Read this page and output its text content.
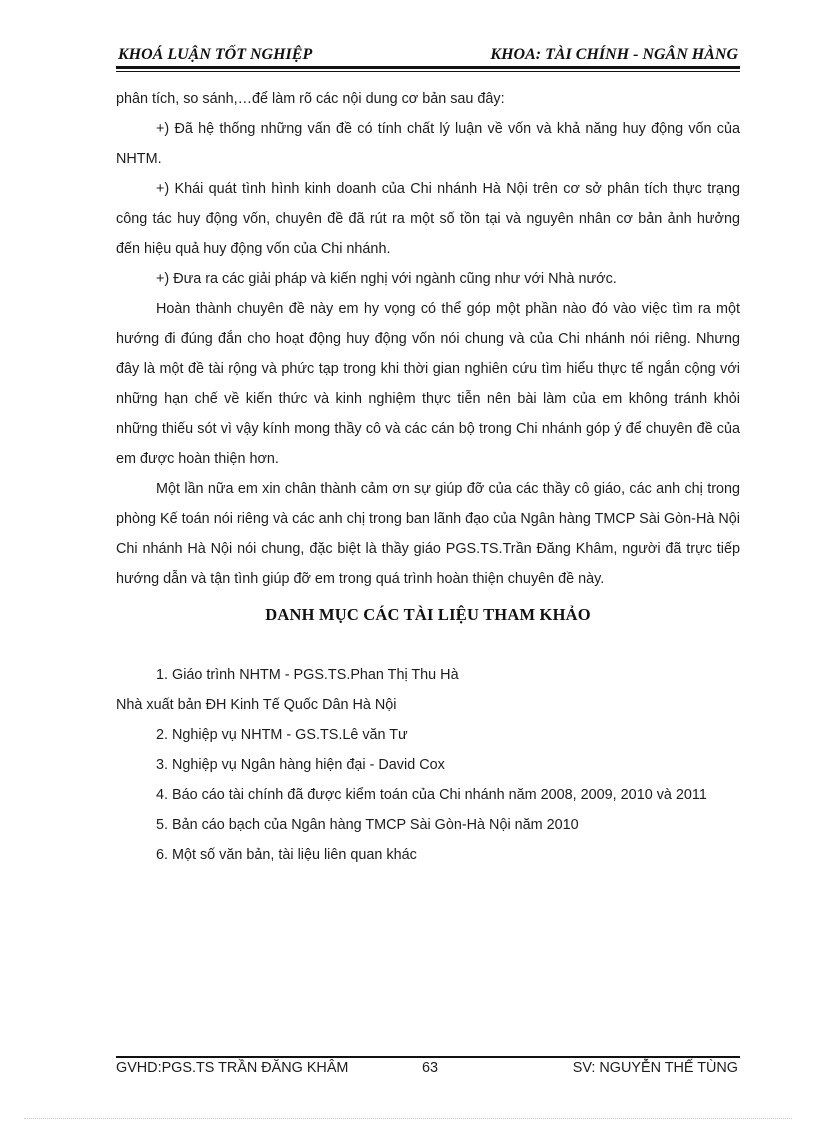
KHOÁ LUẬN TỐT NGHIỆP	KHOA: TÀI CHÍNH - NGÂN HÀNG

phân tích, so sánh,…để làm rõ các nội dung cơ bản sau đây:

+) Đã hệ thống những vấn đề có tính chất lý luận về vốn và khả năng huy động vốn của NHTM.

+) Khái quát tình hình kinh doanh của Chi nhánh Hà Nội trên cơ sở phân tích thực trạng công tác huy động vốn, chuyên đề đã rút ra một số tồn tại và nguyên nhân cơ bản ảnh hưởng đến hiệu quả huy động vốn của Chi nhánh.

+) Đưa ra các giải pháp và kiến nghị với ngành cũng như với Nhà nước.

Hoàn thành chuyên đề này em hy vọng có thể góp một phần nào đó vào việc tìm ra một hướng đi đúng đắn cho hoạt động huy động vốn nói chung và của Chi nhánh nói riêng. Nhưng đây là một đề tài rộng và phức tạp trong khi thời gian nghiên cứu tìm hiểu thực tế ngắn cộng với những hạn chế về kiến thức và kinh nghiệm thực tiễn nên bài làm của em không tránh khỏi những thiếu sót vì vậy kính mong thầy cô và các cán bộ trong Chi nhánh góp ý để chuyên đề của em được hoàn thiện hơn.

Một lần nữa em xin chân thành cảm ơn sự giúp đỡ của các thầy cô giáo, các anh chị trong phòng Kế toán nói riêng và các anh chị trong ban lãnh đạo của Ngân hàng TMCP Sài Gòn-Hà Nội Chi nhánh Hà Nội nói chung, đặc biệt là thầy giáo PGS.TS.Trần Đăng Khâm, người đã trực tiếp hướng dẫn và tận tình giúp đỡ em trong quá trình hoàn thiện chuyên đề này.

DANH MỤC CÁC TÀI LIỆU THAM KHẢO

1. Giáo trình NHTM - PGS.TS.Phan Thị Thu Hà

Nhà xuất bản ĐH Kinh Tế Quốc Dân Hà Nội

2. Nghiệp vụ NHTM - GS.TS.Lê văn Tư

3. Nghiệp vụ Ngân hàng hiện đại - David Cox

4. Báo cáo tài chính đã được kiểm toán của Chi nhánh năm 2008, 2009, 2010 và 2011

5. Bản cáo bạch của Ngân hàng TMCP Sài Gòn-Hà Nội năm 2010

6. Một số văn bản, tài liệu liên quan khác

GVHD:PGS.TS TRẦN ĐĂNG KHÂM	63	SV: NGUYỄN THẾ TÙNG
